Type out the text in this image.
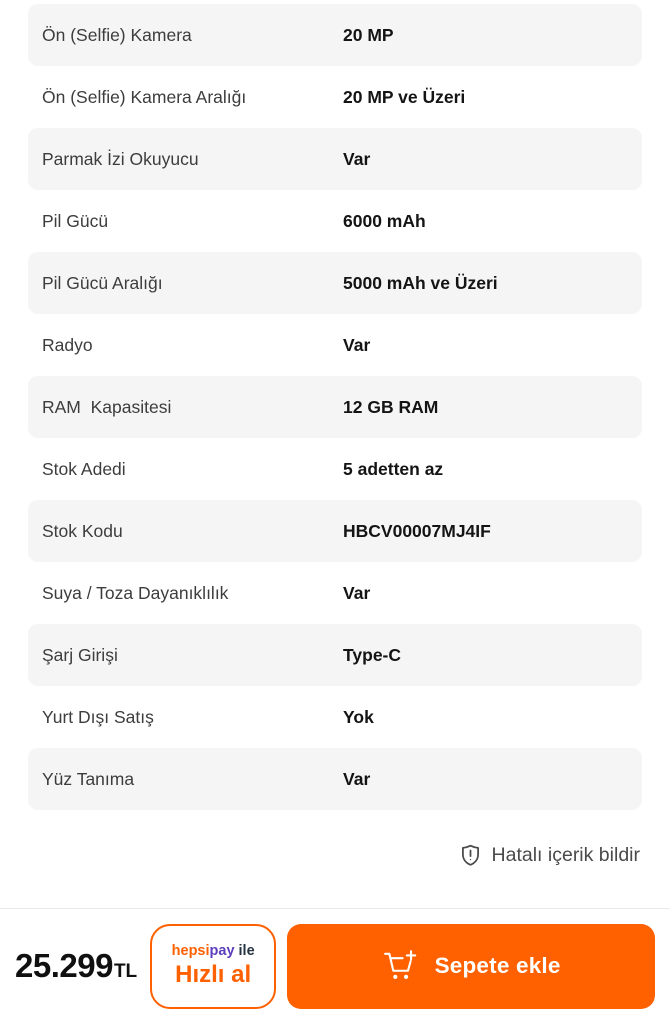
Ön (Selfie) Kamera	20 MP
Ön (Selfie) Kamera Aralığı	20 MP ve Üzeri
Parmak İzi Okuyucu	Var
Pil Gücü	6000 mAh
Pil Gücü Aralığı	5000 mAh ve Üzeri
Radyo	Var
RAM  Kapasitesi	12 GB RAM
Stok Adedi	5 adetten az
Stok Kodu	HBCV00007MJ4IF
Suya / Toza Dayanıklılık	Var
Şarj Girişi	Type-C
Yurt Dışı Satış	Yok
Yüz Tanıma	Var
Hatalı içerik bildir
25.299 TL
hepsipay ile
Hızlı al	Sepete ekle
